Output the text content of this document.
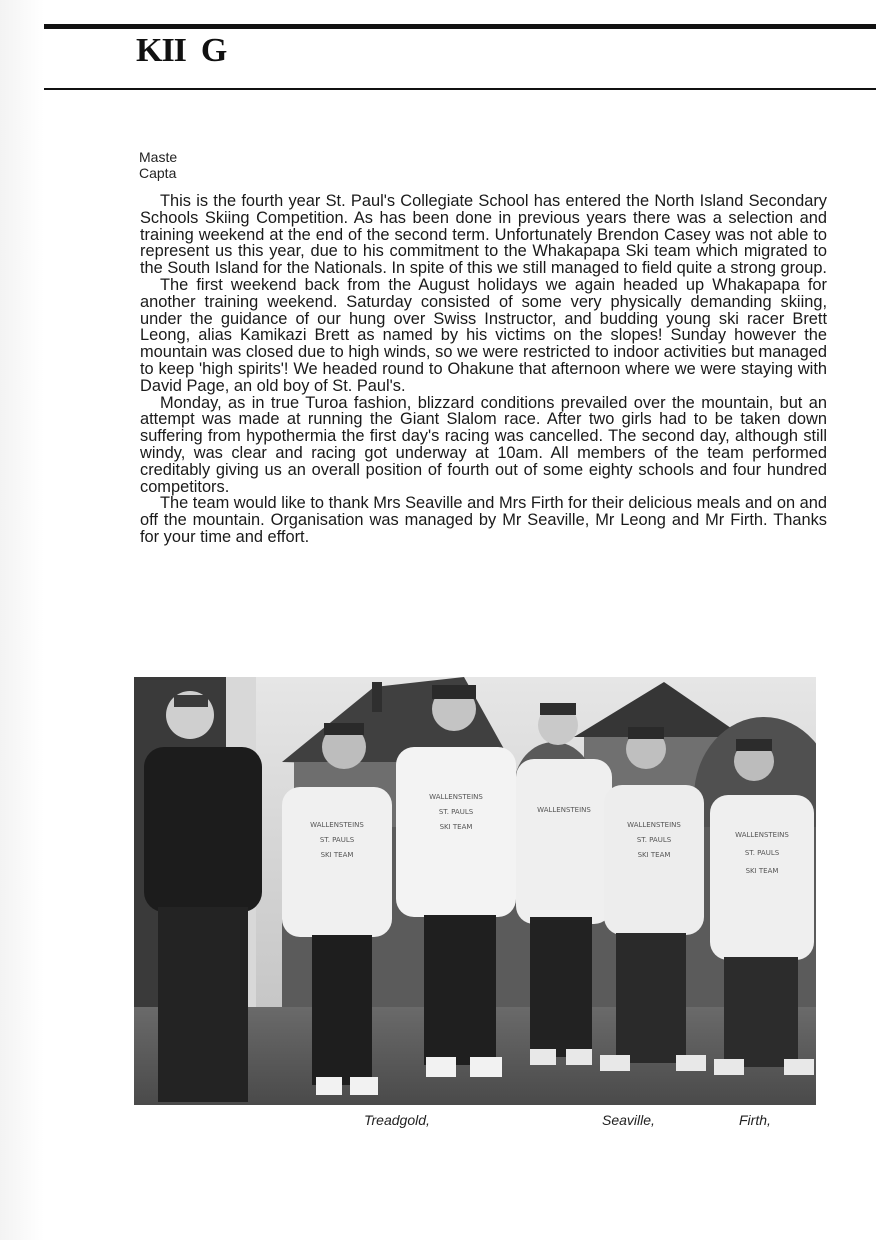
KII  G
Maste
Capta

This is the fourth year St. Paul's Collegiate School has entered the North Island Secondary Schools Skiing Competition. As has been done in previous years there was a selection and training weekend at the end of the second term. Unfortunately Brendon Casey was not able to represent us this year, due to his commitment to the Whakapapa Ski team which migrated to the South Island for the Nationals. In spite of this we still managed to field quite a strong group.

The first weekend back from the August holidays we again headed up Whakapapa for another training weekend. Saturday consisted of some very physically demanding skiing, under the guidance of our hung over Swiss Instructor, and budding young ski racer Brett Leong, alias Kamikazi Brett as named by his victims on the slopes! Sunday however the mountain was closed due to high winds, so we were restricted to indoor activities but managed to keep 'high spirits'! We headed round to Ohakune that afternoon where we were staying with David Page, an old boy of St. Paul's.

Monday, as in true Turoa fashion, blizzard conditions prevailed over the mountain, but an attempt was made at running the Giant Slalom race. After two girls had to be taken down suffering from hypothermia the first day's racing was cancelled. The second day, although still windy, was clear and racing got underway at 10am. All members of the team performed creditably giving us an overall position of fourth out of some eighty schools and four hundred competitors.

The team would like to thank Mrs Seaville and Mrs Firth for their delicious meals and on and off the mountain. Organisation was managed by Mr Seaville, Mr Leong and Mr Firth. Thanks for your time and effort.

WALLENSTEINS
ST. PAULS
SKI TEAM
WALLENSTEINS
ST. PAULS
SKI TEAM
WALLENSTEINS
WALLENSTEINS
ST. PAULS
SKI TEAM
WALLENSTEINS
ST. PAULS
SKI TEAM
Treadgold,	Seaville,	Firth,
